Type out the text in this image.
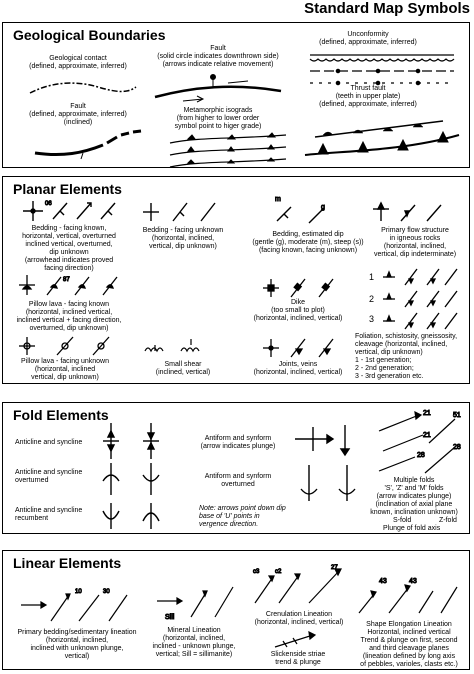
Standard Map Symbols
Geological Boundaries
Geological contact
(defined, approximate, inferred)
Fault
(solid circle indicates downthrown side)
(arrows indicate relative movement)
Unconformity
(defined, approximate, inferred)
Fault
(defined, approximate, inferred)
(inclined)
Metamorphic isograds
(from higher to lower order
symbol point to higer grade)
Thrust fault
(teeth in upper plate)
(defined, approximate, inferred)
Planar Elements
06
Bedding - facing known,
horizontal, vertical, overturned
inclined vertical, overturned,
dip unknown
(arrowhead indicates proved
facing direction)
Bedding - facing unknown
(horizontal, inclined,
vertical, dip unknown)
m
g
Bedding, estimated dip
(gentle (g), moderate (m), steep (s))
(facing known, facing unknown)
Primary flow structure
in igneous rocks
(horizontal, inclined,
vertical, dip indeterminate)
87
Pillow lava - facing known
(horizontal, inclined vertical,
inclined vertical + facing direction,
overturned, dip unknown)
Dike
(too small to plot)
(horizontal, inclined, vertical)
Pillow lava - facing unknown
(horizontal, inclined
vertical, dip unknown)
Small shear
(inclined, vertical)
Joints, veins
(horizontal, inclined, vertical)
1
2
3
Foliation, schistosity, gneissosity,
cleavage (horizontal, inclined,
vertical, dip unknown)
1 - 1st generation;
2 - 2nd generation;
3 - 3rd generation etc.
Fold Elements
Anticline and syncline
Anticline and syncline
overturned
Anticline and syncline
recumbent
Antiform and synform
(arrow indicates plunge)
Antiform and synform
overturned
Note: arrows point down dip
base of 'U' points in
vergence direction.
21
21
51
28
28
Multiple folds
'S', 'Z' and 'M' folds
(arrow indicates plunge)
(inclination of axial plane
known, inclination unknown)
S-fold	Z-fold
Plunge of fold axis
Linear Elements
10	30
Primary bedding/sedimentary lineation
(horizontal, inclined,
inclined with unknown plunge,
vertical)
Sill
Mineral Lineation
(horizontal, inclined,
inclined - unknown plunge,
vertical; Sill = sillimanite)
c3	c2
27
Crenulation Lineation
(horizontal, inclined, vertical)
Slickenside striae
trend & plunge
43	43
Shape Elongation Lineation
Horizontal, inclined vertical
Trend & plunge on first, second
and third cleavage planes
(lineation defined by long axis
of pebbles, varioles, clasts etc.)
